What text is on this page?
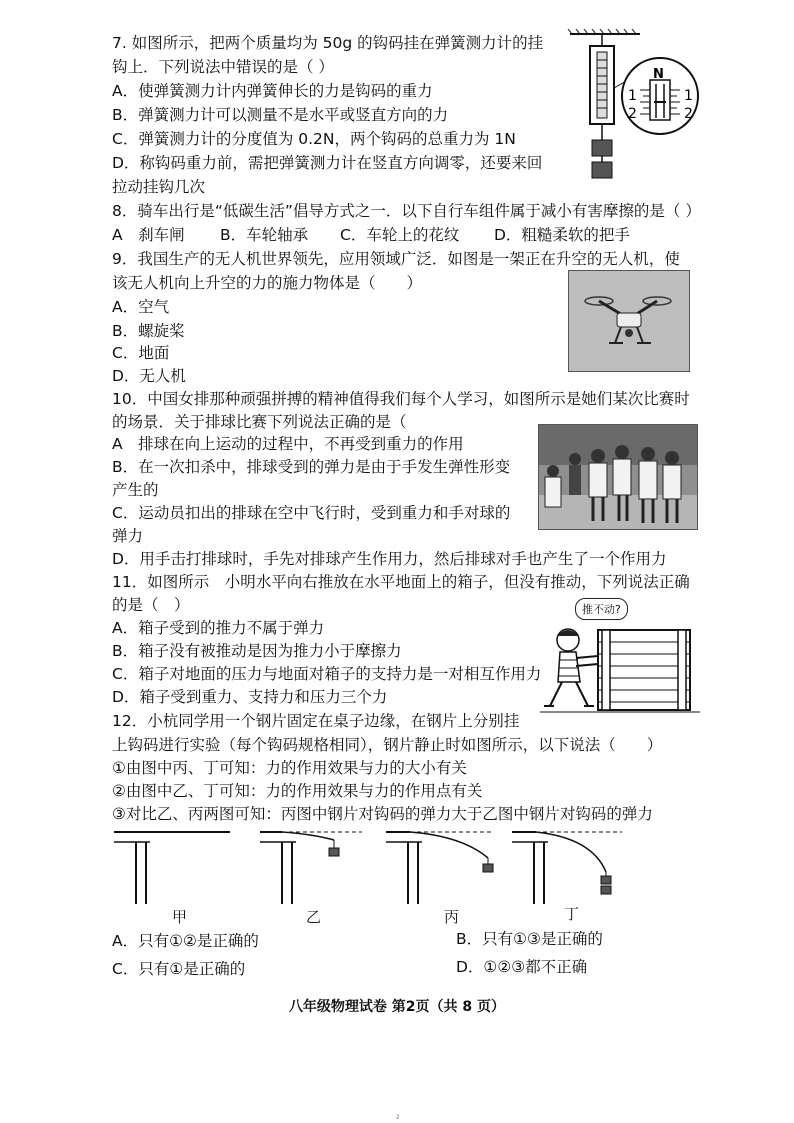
7. 如图所示，把两个质量均为 50g 的钩码挂在弹簧测力计的挂
钩上．下列说法中错误的是（ ）
A．使弹簧测力计内弹簧伸长的力是钩码的重力
B．弹簧测力计可以测量不是水平或竖直方向的力
C．弹簧测力计的分度值为 0.2N，两个钩码的总重力为 1N
D．称钩码重力前，需把弹簧测力计在竖直方向调零，还要来回
拉动挂钩几次
N
1
2
1
2
8．骑车出行是“低碳生活”倡导方式之一．以下自行车组件属于减小有害摩擦的是（ ）
A　刹车闸 B．车轮轴承 C．车轮上的花纹 D．粗糙柔软的把手
9．我国生产的无人机世界领先，应用领域广泛．如图是一架正在升空的无人机，使
该无人机向上升空的力的施力物体是（　　）
A．空气
B．螺旋桨
C．地面
D．无人机
10．中国女排那种顽强拼搏的精神值得我们每个人学习，如图所示是她们某次比赛时
的场景．关于排球比赛下列说法正确的是（
A　排球在向上运动的过程中，不再受到重力的作用
B．在一次扣杀中，排球受到的弹力是由于手发生弹性形变
产生的
C．运动员扣出的排球在空中飞行时，受到重力和手对球的
弹力
D．用手击打排球时，手先对排球产生作用力，然后排球对手也产生了一个作用力
11．如图所示　小明水平向右推放在水平地面上的箱子，但没有推动，下列说法正确
的是（　）
A．箱子受到的推力不属于弹力
B．箱子没有被推动是因为推力小于摩擦力
C．箱子对地面的压力与地面对箱子的支持力是一对相互作用力
D．箱子受到重力、支持力和压力三个力
推不动?
12．小杭同学用一个钢片固定在桌子边缘，在钢片上分别挂
上钩码进行实验（每个钩码规格相同），钢片静止时如图所示，以下说法（　　）
①由图中丙、丁可知：力的作用效果与力的大小有关
②由图中乙、丁可知：力的作用效果与力的作用点有关
③对比乙、丙两图可知：丙图中钢片对钩码的弹力大于乙图中钢片对钩码的弹力
甲	乙	丙	丁
A．只有①②是正确的	B．只有①③是正确的
C．只有①是正确的	D．①②③都不正确
八年级物理试卷 第2页（共 8 页）
2
